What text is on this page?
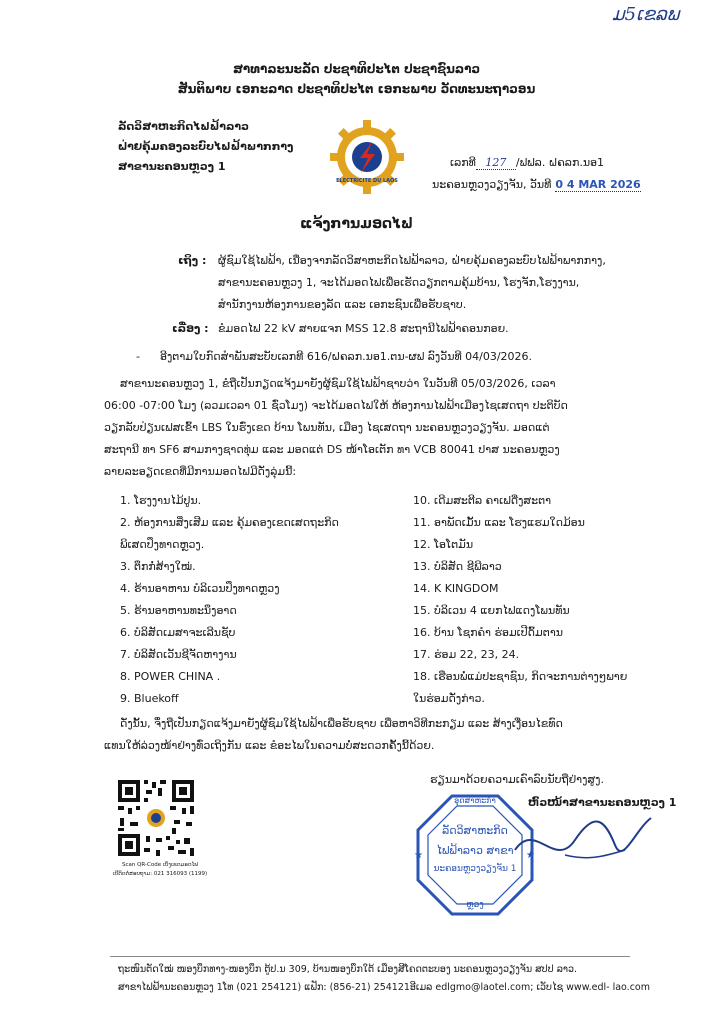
ມ5ເຂລພ
ສາທາລະນະລັດ ປະຊາທິປະໄຕ ປະຊາຊົນລາວ
ສັນຕິພາບ ເອກະລາດ ປະຊາທິປະໄຕ ເອກະພາບ ວັດທະນະຖາວອນ
ລັດວິສາຫະກິດໄຟຟ້າລາວ
ຝ່າຍຄຸ້ມຄອງລະບົບໄຟຟ້າພາກກາງ
ສາຂານະຄອນຫຼວງ 1
ELECTRICITE DU LAOS
ເລກທີ 127 /ຟຟລ. ຝຄລກ.ນອ1
ນະຄອນຫຼວງວຽງຈັນ, ວັນທີ 0 4 MAR 2026
ແຈ້ງການມອດໄຟ
ເຖິງ : ຜູ້ຊົມໃຊ້ໄຟຟ້າ, ເນື່ອງຈາກລັດວິສາຫະກິດໄຟຟ້າລາວ, ຝ່າຍຄຸ້ມຄອງລະບົບໄຟຟ້າພາກກາງ,
ສາຂານະຄອນຫຼວງ 1, ຈະໄດ້ມອດໄຟເພື່ອເຮັດວຽກຕາມຄຸ້ມບ້ານ, ໂຮງຈັກ,ໂຮງງານ,
ສຳນັກງານຫ້ອງການຂອງລັດ ແລະ ເອກະຊົນເພື່ອຮັບຊາບ.
ເລື່ອງ : ຂໍມອດໄຟ 22 kV ສາຍແຈກ MSS 12.8 ສະຖານີໄຟຟ້າຄອນກອຍ.
- ອີງຕາມໃບກົດສຳພັນສະບັບເລກທີ 616/ຝຄລກ.ນອ1.ຕນ-ຜຟ ລົງວັນທີ 04/03/2026.
ສາຂານະຄອນຫຼວງ 1, ຂໍຖືເປັນກຽດແຈ້ງມາຍັງຜູ້ຊົມໃຊ້ໄຟຟ້າຊາບວ່າ ໃນວັນທີ 05/03/2026, ເວລາ
06:00 -07:00 ໂມງ (ລວມເວລາ 01 ຊົ່ວໂມງ) ຈະໄດ້ມອດໄຟໃຫ້ ຫ້ອງການໄຟຟ້າເມືອງໄຊເສດຖາ ປະຕິບັດ
ວຽກລັບປ່ຽນເຟສເຂົ້າ LBS ໃນຮົ່ງເຂດ ບ້ານ ໂພນທັນ, ເມືອງ ໄຊເສດຖາ ນະຄອນຫຼວງວຽງຈັນ. ມອດແຕ່
ສະຖານີ ທາ SF6 ສາມກາງຊາດທຸ່ມ ແລະ ມອດແຕ່ DS ໜ້າໂອເຕັກ ທາ VCB 80041 ປາສ ນະຄອນຫຼວງ
ລາຍລະອຽດເຂດທີ່ມີການມອດໄຟມີດັ່ງລຸ່ມນີ້:
1. ໂຮງງານໄມ້ປູນ.
2. ຫ້ອງການສິ່ງເສີມ ແລະ ຄຸ້ມຄອງເຂດເສດຖະກິດ
ພິເສດປຶງທາດຫຼວງ.
3. ຕຶກກໍ່ສ້າງໃໝ່.
4. ຮ້ານອາຫານ ບໍລິເວນປຶງທາດຫຼວງ
5. ຮ້ານອາຫານທະນຶງອາດ
6. ບໍລິສັດເມສາຈະເລີນຊັບ
7. ບໍລິສັດເວັນຊີຈັດຫາງານ
8. POWER CHINA .
9. Bluekoff
10. ເດີມສະຕີລ ຄາເຟດີ່ງສະຕາ
11. ອາພັດເມັ້ນ ແລະ ໂຮງແຮມໃດມ້ອນ
12. ໂອໂຕມັນ
13. ບໍລິສັດ ຊີພີລາວ
14. K KINGDOM
15. ບໍລິເວນ 4 ແຍກໄຟແດງໂພນທັນ
16. ບ້ານ ໂຊກຄຳ ຮ່ອມເປີດົ້ມຕານ
17. ຮ່ອມ 22, 23, 24.
18. ເຮືອນພໍ່ແມ່ປະຊາຊົນ, ກິດຈະການຕ່າງໆພາຍ
ໃນຮ່ອມດັ່ງກ່າວ.
ດັ່ງນັ້ນ, ຈຶ່ງຖືເປັນກຽດແຈ້ງມາຍັງຜູ້ຊົມໃຊ້ໄຟຟ້າເພື່ອຮັບຊາບ ເພື່ອຫາວິທີກະກຽມ ແລະ ສ້າງເງື່ອນໄຂທົດ
ແທນໃຫ້ລ່ວງໜ້າຢ່າງທົ່ວເຖິງກັນ ແລະ ຂໍອະໄພໃນຄວາມບໍ່ສະດວກຄັ້ງນີ້ດ້ວຍ.
ຮຽນມາດ້ວຍຄວາມເຄົາລົບນັບຖືຢ່າງສູງ.
Scan QR-Code ເບິ່ງເຂດມອດໄຟ
ເບີຕິດຕໍ່ສອບຖາມ: 021 316093 (1199)
ຫົວໜ້າສາຂານະຄອນຫຼວງ 1
★	★
ອຸດສາຫະກຳ
ລັດວິສາຫະກິດ
ໄຟຟ້າລາວ ສາຂາ
ນະຄອນຫຼວງວຽງຈັນ 1
ຫຼວງ
ຖະໜົນຕັດໃໝ່ ໜອງບຶກທາງ-ໜອງບຶກ ຕູ້ປ.ນ 309, ບ້ານໜອງບຶກໃຕ້ ເມືອງສີໂຄດຕະບອງ ນະຄອນຫຼວງວຽງຈັນ ສປປ ລາວ.
ສາຂາໄຟຟ້ານະຄອນຫຼວງ 1ໂທ (021 254121) ແຟັກ: (856-21) 254121ອີເມລ edlgmo@laotel.com; ເວັບໄຊ www.edl- lao.com
